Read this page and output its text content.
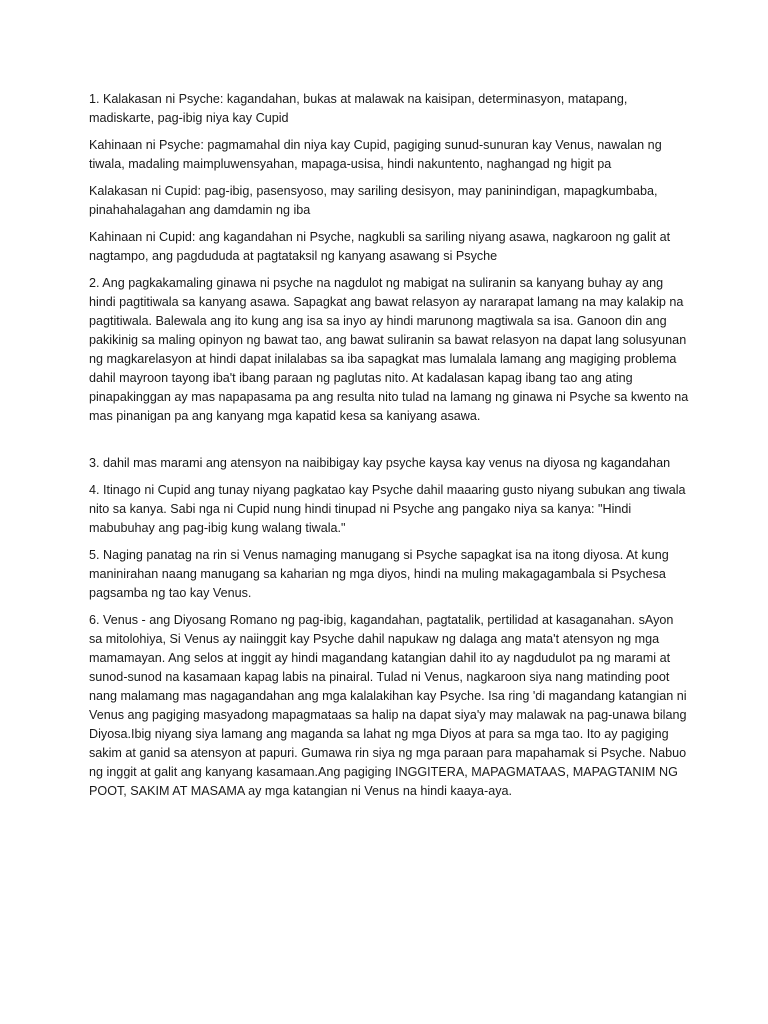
1. Kalakasan ni Psyche: kagandahan, bukas at malawak na kaisipan, determinasyon, matapang, madiskarte, pag-ibig niya kay Cupid

Kahinaan ni Psyche: pagmamahal din niya kay Cupid, pagiging sunud-sunuran kay Venus, nawalan ng tiwala, madaling maimpluwensyahan, mapaga-usisa, hindi nakuntento, naghangad ng higit pa

Kalakasan ni Cupid: pag-ibig, pasensyoso, may sariling desisyon, may paninindigan, mapagkumbaba, pinahahalagahan ang damdamin ng iba

Kahinaan ni Cupid: ang kagandahan ni Psyche, nagkubli sa sariling niyang asawa, nagkaroon ng galit at nagtampo, ang pagdududa at pagtataksil ng kanyang asawang si Psyche

2. Ang pagkakamaling ginawa ni psyche na nagdulot ng mabigat na suliranin sa kanyang buhay ay ang hindi pagtitiwala sa kanyang asawa. Sapagkat ang bawat relasyon ay nararapat lamang na may kalakip na pagtitiwala. Balewala ang ito kung ang isa sa inyo ay hindi marunong magtiwala sa isa. Ganoon din ang pakikinig sa maling opinyon ng bawat tao, ang bawat suliranin sa bawat relasyon na dapat lang solusyunan ng magkarelasyon at hindi dapat inilalabas sa iba sapagkat mas lumalala lamang ang magiging problema dahil mayroon tayong iba't ibang paraan ng paglutas nito. At kadalasan kapag ibang tao ang ating pinapakinggan ay mas napapasama pa ang resulta nito tulad na lamang ng ginawa ni Psyche sa kwento na mas pinanigan pa ang kanyang mga kapatid kesa sa kaniyang asawa.

3. dahil mas marami ang atensyon na naibibigay kay psyche kaysa kay venus na diyosa ng kagandahan

4. Itinago ni Cupid ang tunay niyang pagkatao kay Psyche dahil maaaring gusto niyang subukan ang tiwala nito sa kanya. Sabi nga ni Cupid nung hindi tinupad ni Psyche ang pangako niya sa kanya: "Hindi mabubuhay ang pag-ibig kung walang tiwala."

5. Naging panatag na rin si Venus namaging manugang si Psyche sapagkat isa na itong diyosa. At kung maninirahan naang manugang sa kaharian ng mga diyos, hindi na muling makagagambala si Psychesa pagsamba ng tao kay Venus.

6. Venus - ang Diyosang Romano ng pag-ibig, kagandahan, pagtatalik, pertilidad at kasaganahan. sAyon sa mitolohiya, Si Venus ay naiinggit kay Psyche dahil napukaw ng dalaga ang mata't atensyon ng mga mamamayan. Ang selos at inggit ay hindi magandang katangian dahil ito ay nagdudulot pa ng marami at sunod-sunod na kasamaan kapag labis na pinairal. Tulad ni Venus, nagkaroon siya nang matinding poot nang malamang mas nagagandahan ang mga kalalakihan kay Psyche. Isa ring 'di magandang katangian ni Venus ang pagiging masyadong mapagmataas sa halip na dapat siya'y may malawak na pag-unawa bilang Diyosa.Ibig niyang siya lamang ang maganda sa lahat ng mga Diyos at para sa mga tao. Ito ay pagiging sakim at ganid sa atensyon at papuri. Gumawa rin siya ng mga paraan para mapahamak si Psyche. Nabuo ng inggit at galit ang kanyang kasamaan.Ang pagiging INGGITERA, MAPAGMATAAS, MAPAGTANIM NG POOT, SAKIM AT MASAMA ay mga katangian ni Venus na hindi kaaya-aya.
